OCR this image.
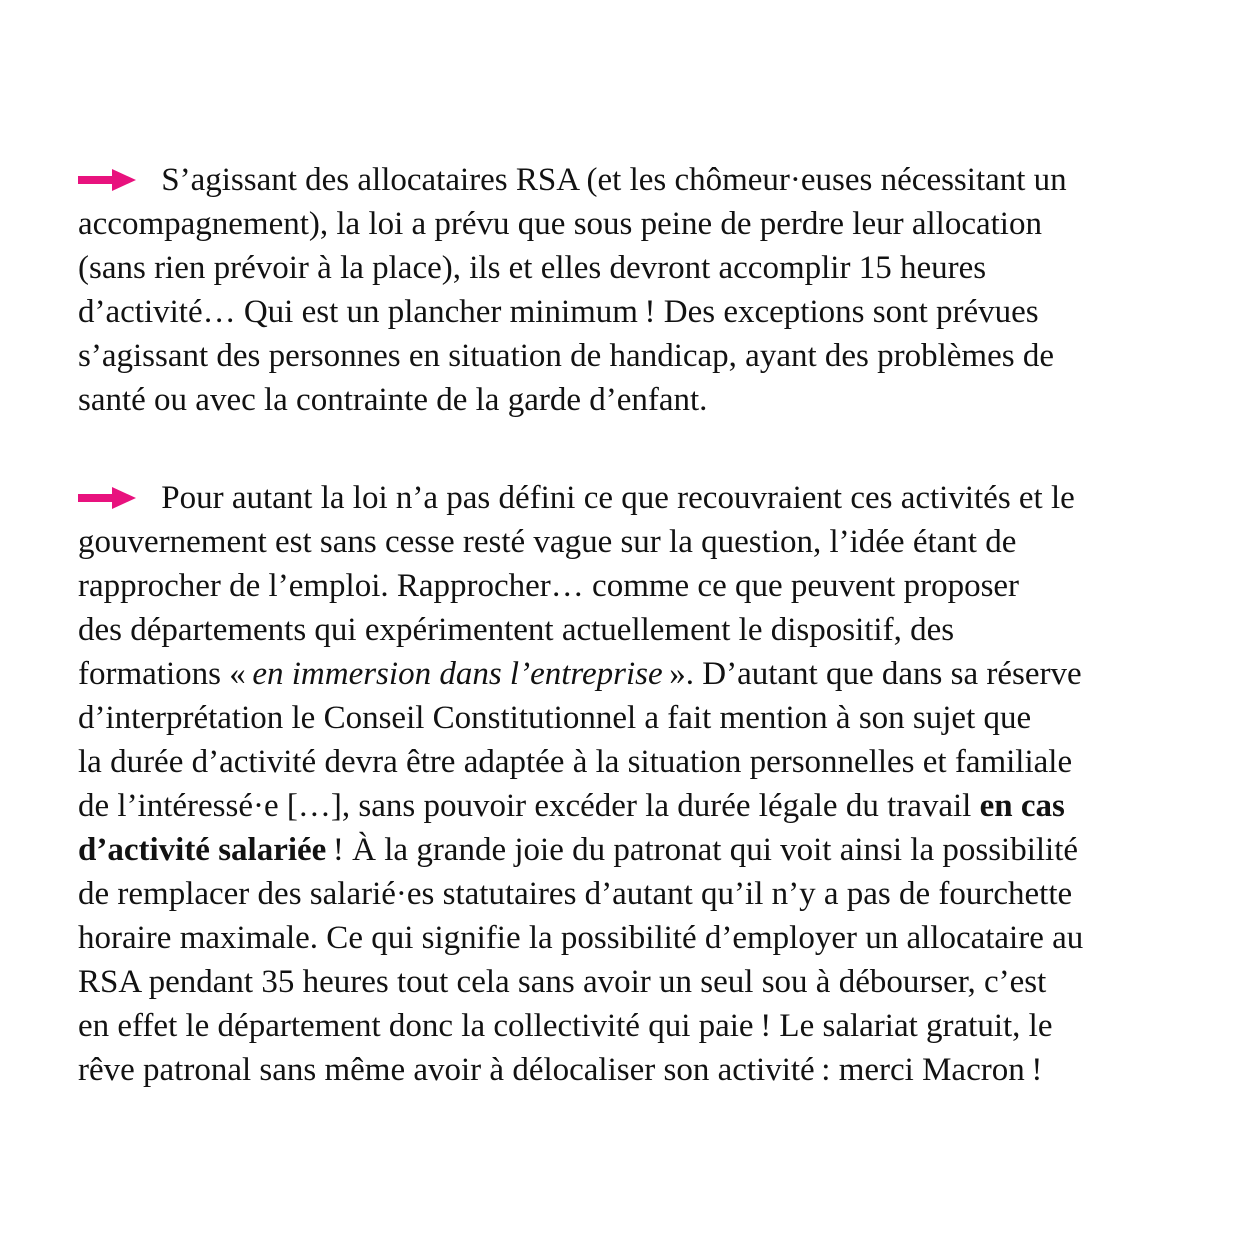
S’agissant des allocataires RSA (et les chômeur·euses nécessitant un
accompagnement), la loi a prévu que sous peine de perdre leur allocation
(sans rien prévoir à la place), ils et elles devront accomplir 15 heures
d’activité… Qui est un plancher minimum ! Des exceptions sont prévues
s’agissant des personnes en situation de handicap, ayant des problèmes de
santé ou avec la contrainte de la garde d’enfant.

Pour autant la loi n’a pas défini ce que recouvraient ces activités et le
gouvernement est sans cesse resté vague sur la question, l’idée étant de
rapprocher de l’emploi. Rapprocher… comme ce que peuvent proposer
des départements qui expérimentent actuellement le dispositif, des
formations « en immersion dans l’entreprise ». D’autant que dans sa réserve
d’interprétation le Conseil Constitutionnel a fait mention à son sujet que
la durée d’activité devra être adaptée à la situation personnelles et familiale
de l’intéressé·e […], sans pouvoir excéder la durée légale du travail en cas
d’activité salariée ! À la grande joie du patronat qui voit ainsi la possibilité
de remplacer des salarié·es statutaires d’autant qu’il n’y a pas de fourchette
horaire maximale. Ce qui signifie la possibilité d’employer un allocataire au
RSA pendant 35 heures tout cela sans avoir un seul sou à débourser, c’est
en effet le département donc la collectivité qui paie ! Le salariat gratuit, le
rêve patronal sans même avoir à délocaliser son activité : merci Macron !
